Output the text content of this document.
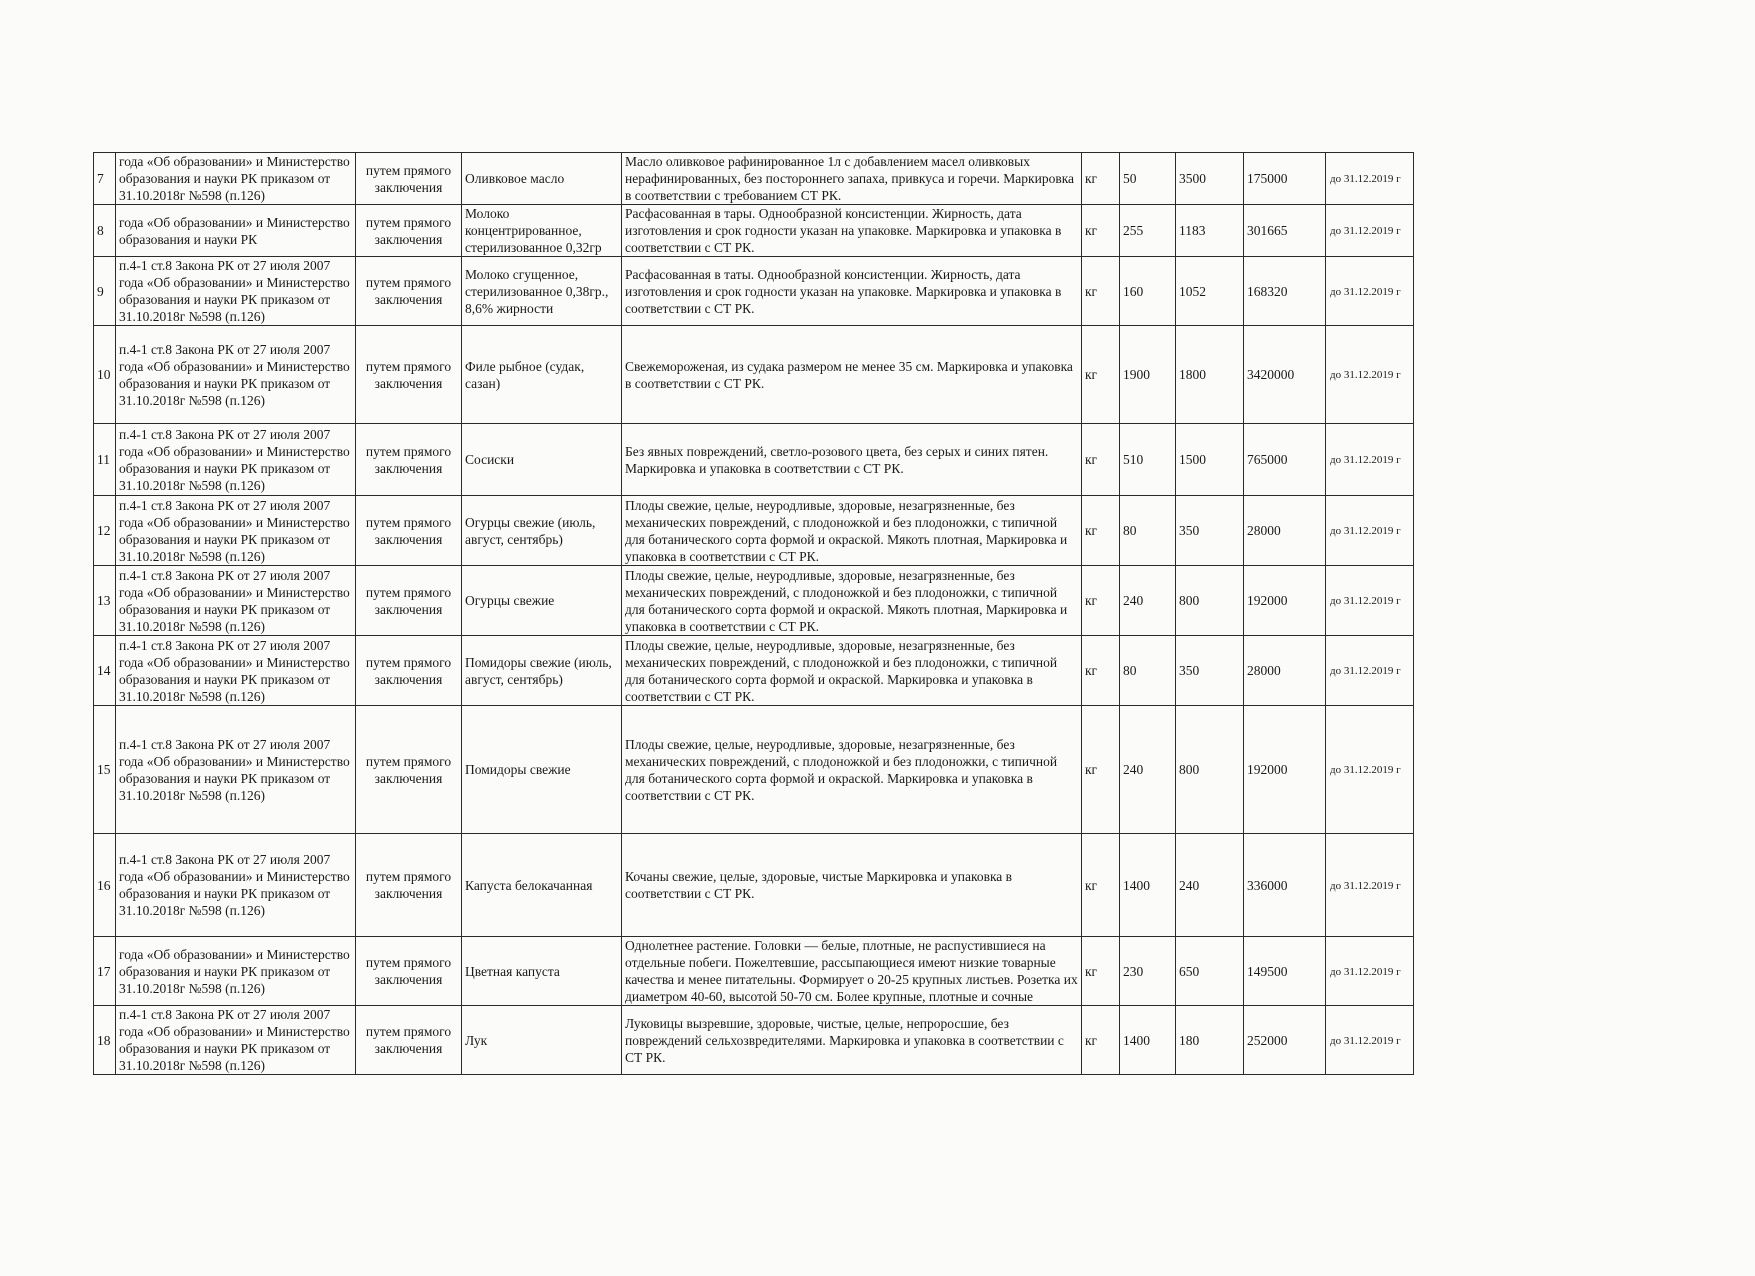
7	года «Об образовании» и Министерство образования и науки РК приказом от 31.10.2018г №598 (п.126)	путем прямого заключения	Оливковое масло	Масло оливковое рафинированное 1л с добавлением масел оливковых нерафинированных, без постороннего запаха, привкуса и горечи. Маркировка в соответствии с требованием СТ РК.	кг	50	3500	175000	до 31.12.2019 г

8	года «Об образовании» и Министерство образования и науки РК	путем прямого заключения	Молоко концентрированное, стерилизованное 0,32гр	Расфасованная в тары. Однообразной консистенции. Жирность, дата изготовления и срок годности указан на упаковке. Маркировка и упаковка в соответствии с СТ РК.	кг	255	1183	301665	до 31.12.2019 г

9	п.4-1 ст.8 Закона РК от 27 июля 2007 года «Об образовании» и Министерство образования и науки РК приказом от 31.10.2018г №598 (п.126)	путем прямого заключения	Молоко сгущенное, стерилизованное 0,38гр., 8,6% жирности	Расфасованная в таты. Однообразной консистенции. Жирность, дата изготовления и срок годности указан на упаковке. Маркировка и упаковка в соответствии с СТ РК.	кг	160	1052	168320	до 31.12.2019 г

10	п.4-1 ст.8 Закона РК от 27 июля 2007 года «Об образовании» и Министерство образования и науки РК приказом от 31.10.2018г №598 (п.126)	путем прямого заключения	Филе рыбное (судак, сазан)	Свежемороженая, из судака размером не менее 35 см. Маркировка и упаковка в соответствии с СТ РК.	кг	1900	1800	3420000	до 31.12.2019 г

11	п.4-1 ст.8 Закона РК от 27 июля 2007 года «Об образовании» и Министерство образования и науки РК приказом от 31.10.2018г №598 (п.126)	путем прямого заключения	Сосиски	Без явных повреждений, светло-розового цвета, без серых и синих пятен. Маркировка и упаковка в соответствии с СТ РК.	кг	510	1500	765000	до 31.12.2019 г

12	п.4-1 ст.8 Закона РК от 27 июля 2007 года «Об образовании» и Министерство образования и науки РК приказом от 31.10.2018г №598 (п.126)	путем прямого заключения	Огурцы свежие (июль, август, сентябрь)	Плоды свежие, целые, неуродливые, здоровые, незагрязненные, без механических повреждений, с плодоножкой и без плодоножки, с типичной для ботанического сорта формой и окраской. Мякоть плотная, Маркировка и упаковка в соответствии с СТ РК.	кг	80	350	28000	до 31.12.2019 г

13	п.4-1 ст.8 Закона РК от 27 июля 2007 года «Об образовании» и Министерство образования и науки РК приказом от 31.10.2018г №598 (п.126)	путем прямого заключения	Огурцы свежие	Плоды свежие, целые, неуродливые, здоровые, незагрязненные, без механических повреждений, с плодоножкой и без плодоножки, с типичной для ботанического сорта формой и окраской. Мякоть плотная, Маркировка и упаковка в соответствии с СТ РК.	кг	240	800	192000	до 31.12.2019 г

14	п.4-1 ст.8 Закона РК от 27 июля 2007 года «Об образовании» и Министерство образования и науки РК приказом от 31.10.2018г №598 (п.126)	путем прямого заключения	Помидоры свежие (июль, август, сентябрь)	Плоды свежие, целые, неуродливые, здоровые, незагрязненные, без механических повреждений, с плодоножкой и без плодоножки, с типичной для ботанического сорта формой и окраской. Маркировка и упаковка в соответствии с СТ РК.	кг	80	350	28000	до 31.12.2019 г

15	п.4-1 ст.8 Закона РК от 27 июля 2007 года «Об образовании» и Министерство образования и науки РК приказом от 31.10.2018г №598 (п.126)	путем прямого заключения	Помидоры свежие	Плоды свежие, целые, неуродливые, здоровые, незагрязненные, без механических повреждений, с плодоножкой и без плодоножки, с типичной для ботанического сорта формой и окраской. Маркировка и упаковка в соответствии с СТ РК.	кг	240	800	192000	до 31.12.2019 г

16	п.4-1 ст.8 Закона РК от 27 июля 2007 года «Об образовании» и Министерство образования и науки РК приказом от 31.10.2018г №598 (п.126)	путем прямого заключения	Капуста белокачанная	Кочаны свежие, целые, здоровые, чистые Маркировка и упаковка в соответствии с СТ РК.	кг	1400	240	336000	до 31.12.2019 г

17	года «Об образовании» и Министерство образования и науки РК приказом от 31.10.2018г №598 (п.126)	путем прямого заключения	Цветная капуста	Однолетнее растение. Головки — белые, плотные, не распустившиеся на отдельные побеги. Пожелтевшие, рассыпающиеся имеют низкие товарные качества и менее питательны. Формирует о 20-25 крупных листьев. Розетка их диаметром 40-60, высотой 50-70 см. Более крупные, плотные и сочные	кг	230	650	149500	до 31.12.2019 г

18	п.4-1 ст.8 Закона РК от 27 июля 2007 года «Об образовании» и Министерство образования и науки РК приказом от 31.10.2018г №598 (п.126)	путем прямого заключения	Лук	Луковицы вызревшие, здоровые, чистые, целые, непроросшие, без повреждений сельхозвредителями. Маркировка и упаковка в соответствии с СТ РК.	кг	1400	180	252000	до 31.12.2019 г
